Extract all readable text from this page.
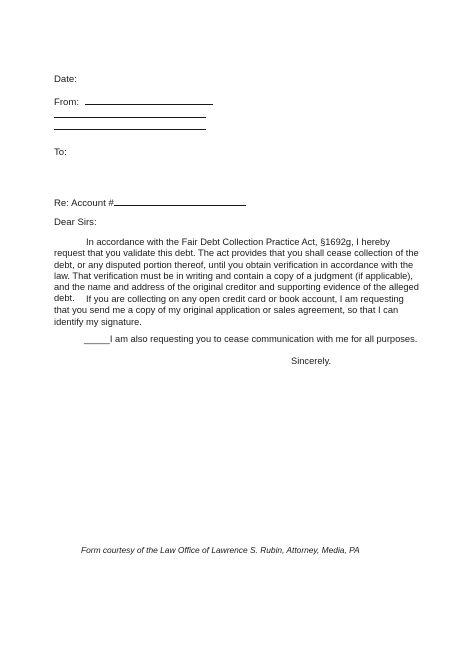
Date:
From:
To:
Re: Account #
Dear Sirs:
In accordance with the Fair Debt Collection Practice Act, §1692g, I hereby request that you validate this debt. The act provides that you shall cease collection of the debt, or any disputed portion thereof, until you obtain verification in accordance with the law. That verification must be in writing and contain a copy of a judgment (if applicable), and the name and address of the original creditor and supporting evidence of the alleged debt.	If you are collecting on any open credit card or book account, I am requesting that you send me a copy of my original application or sales agreement, so that I can identify my signature.
_____I am also requesting you to cease communication with me for all purposes.
Sincerely.
Form courtesy of the Law Office of Lawrence S. Rubin, Attorney, Media, PA
